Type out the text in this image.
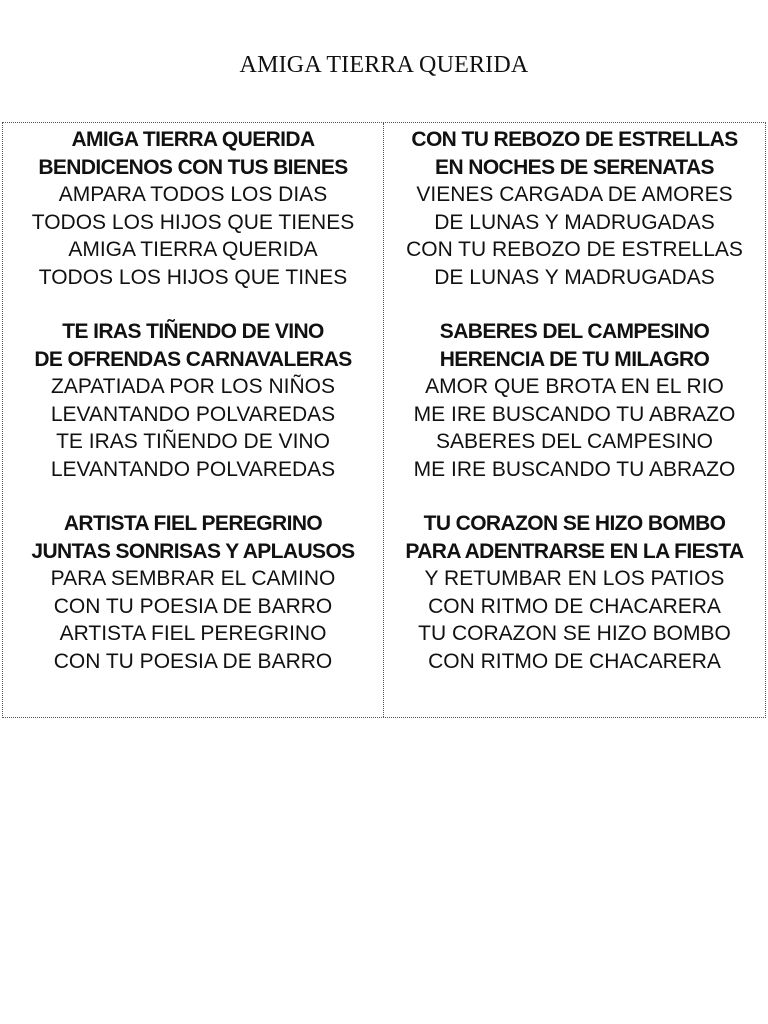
AMIGA TIERRA QUERIDA
AMIGA TIERRA QUERIDA
BENDICENOS CON TUS BIENES
AMPARA TODOS LOS DIAS
TODOS LOS HIJOS QUE TIENES
AMIGA TIERRA QUERIDA
TODOS LOS HIJOS QUE TINES
TE IRAS TIÑENDO DE VINO
DE OFRENDAS CARNAVALERAS
ZAPATIADA POR LOS NIÑOS
LEVANTANDO POLVAREDAS
TE IRAS TIÑENDO DE VINO
LEVANTANDO POLVAREDAS
ARTISTA FIEL PEREGRINO
JUNTAS SONRISAS Y APLAUSOS
PARA SEMBRAR EL CAMINO
CON TU POESIA DE BARRO
ARTISTA FIEL PEREGRINO
CON TU POESIA DE BARRO
CON TU REBOZO DE ESTRELLAS
EN NOCHES DE SERENATAS
VIENES CARGADA DE AMORES
DE LUNAS Y MADRUGADAS
CON TU REBOZO DE ESTRELLAS
DE LUNAS Y MADRUGADAS
SABERES DEL CAMPESINO
HERENCIA DE TU MILAGRO
AMOR QUE BROTA EN EL RIO
ME IRE BUSCANDO TU ABRAZO
SABERES DEL CAMPESINO
ME IRE BUSCANDO TU ABRAZO
TU CORAZON SE HIZO BOMBO
PARA ADENTRARSE EN LA FIESTA
Y RETUMBAR EN LOS PATIOS
CON RITMO DE CHACARERA
TU CORAZON SE HIZO BOMBO
CON RITMO DE CHACARERA
